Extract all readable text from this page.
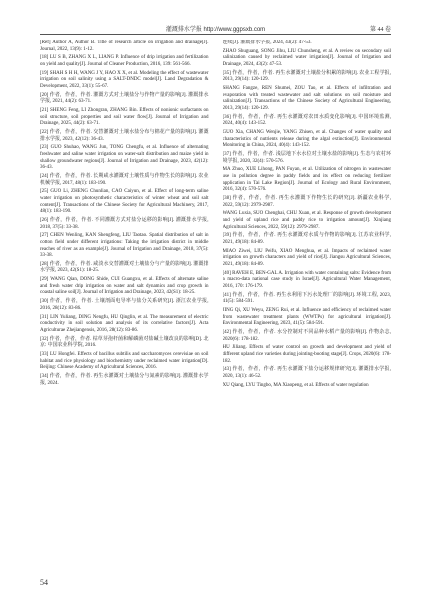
灌溉排水学报 http://www.ggpsxb.com	第 44 卷

[Ref] Author A, Author B. Title of research article on irrigation and drainage[J]. Journal, 2022, 13(9): 1-12.

[18] LU S B, ZHANG X L, LIANG P. Influence of drip irrigation and fertilization on yield and quality[J]. Journal of Cleaner Production, 2016, 139: 561-566.

[19] SHAH S H H, WANG J Y, HAO X X, et al. Modeling the effect of wastewater irrigation on soil salinity using a SALT-DNDC model[J]. Land Degradation & Development, 2022, 33(1): 55-67.

[20] 作者，作者，作者. 灌溉方式对土壤盐分与作物产量的影响[J]. 灌溉排水学报, 2021, 44(2): 63-71.

[21] SHENG Feng, LI Zhongran, ZHANG Bin. Effects of nonionic surfactants on soil structure, soil properties and soil water flow[J]. Journal of Irrigation and Drainage, 2025, 44(2): 63-71.

[22] 作者，作者，作者. 交替灌溉对土壤水盐分布与棉花产量的影响[J]. 灌溉排水学报, 2023, 42(12): 36-43.

[23] GUO Shuhao, WANG Jun, TONG Chengfu, et al. Influence of alternating freshwater and saline water irrigation on water-salt distribution and maize yield in shallow groundwater regions[J]. Journal of Irrigation and Drainage, 2023, 42(12): 36-43.

[24] 作者，作者，作者. 长期咸水灌溉对土壤性质与作物生长的影响[J]. 农业机械学报, 2017, 48(1): 183-190.

[25] GUO Li, ZHENG Chunlian, CAO Caiyun, et al. Effect of long-term saline water irrigation on photosynthetic characteristics of winter wheat and soil salt content[J]. Transactions of the Chinese Society for Agricultural Machinery, 2017, 48(1): 183-190.

[26] 作者，作者，作者. 不同灌溉方式对盐分运移的影响[J]. 灌溉排水学报, 2018, 37(5): 33-38.

[27] CHEN Wenling, KAN Shengfeng, LIU Taotao. Spatial distribution of salt in cotton field under different irrigations: Taking the irrigation district in middle reaches of river as an example[J]. Journal of Irrigation and Drainage, 2018, 37(5): 33-38.

[28] 作者，作者，作者. 咸淡水交替灌溉对土壤盐分与产量的影响[J]. 灌溉排水学报, 2023, 42(S1): 18-25.

[29] WANG Qian, DONG Shide, CUI Guangxu, et al. Effects of alternate saline and fresh water drip irrigation on water and salt dynamics and crop growth in coastal saline soil[J]. Journal of Irrigation and Drainage, 2023, 42(S1): 18-25.

[30] 作者，作者，作者. 土壤剖面电导率与盐分关系研究[J]. 浙江农业学报, 2016, 28(12): 83-86.

[31] LIN Yuliang, DING Nengfu, HU Qinglin, et al. The measurement of electric conductivity in soil solution and analysis of its correlative factors[J]. Acta Agriculturae Zhejiangensis, 2016, 28(12): 83-86.

[32] 作者，作者，作者. 枯草芽孢杆菌和解磷菌对盐碱土壤改良的影响[D]. 北京: 中国农业科学院, 2016.

[33] LU Hongfei. Effects of bacillus subtilis and saccharomyces cerevisiae on soil habitat and rice physiology and biochemistry under reclaimed water irrigation[D]. Beijing: Chinese Academy of Agricultural Sciences, 2016.

[34] 作者，作者，作者. 再生水灌溉对土壤盐分与氮素的影响[J]. 灌溉排水学报, 2024.

连续[J]. 灌溉排水学报, 2024, 43(2): 47-53.

ZHAO Shuguang, SONG Jihu, LIU Chunsheng, et al. A review on secondary soil salinization caused by reclaimed water irrigation[J]. Journal of Irrigation and Drainage, 2024, 43(2): 47-53.

[35] 作者，作者，作者. 再生水灌溉对土壤盐分积累的影响[J]. 农业工程学报, 2013, 29(14): 120-129.

SHANG Fangze, REN Shumei, ZOU Tao, et al. Effects of infiltration and evaporation with treated wastewater and salt solutions on soil moisture and salinization[J]. Transactions of the Chinese Society of Agricultural Engineering, 2013, 29(14): 120-129.

[36] 作者，作者，作者. 再生水灌溉对农田水质变化影响[J]. 中国环境监测, 2024, 40(4): 143-152.

GUO Xia, CHANG Wenjie, YANG Zhisen, et al. Changes of water quality and characteristics of nutrients release during the algal extinction[J]. Environmental Monitoring in China, 2024, 40(4): 143-152.

[37] 作者，作者，作者. 浅层地下水水位对土壤水盐的影响[J]. 生态与农村环境学报, 2020, 32(4): 570-576.

MA Zhuo, XUE Lihong, PAN Fuyan, et al. Utilization of nitrogen in wastewater use in pollution degree in paddy fields and its effect on reducing fertilizer application in Tai Lake Region[J]. Journal of Ecology and Rural Environment, 2016, 32(4): 570-576.

[38] 作者，作者，作者. 再生水灌溉下作物生长的研究[J]. 新疆农业科学, 2022, 59(12): 2979-2987.

WANG Luxia, SUO Chenghai, CHU Xuan, et al. Response of growth development and yield of upland rice and paddy rice to irrigation amount[J]. Xinjiang Agricultural Sciences, 2022, 59(12): 2979-2987.

[39] 作者，作者，作者. 再生水灌溉对水质与作物的影响[J]. 江苏农业科学, 2021, 49(18): 84-89.

MIAO Ziwei, LIU Peifu, XIAO Menghua, et al. Impacts of reclaimed water irrigation on growth characters and yield of rice[J]. Jiangsu Agricultural Sciences, 2021, 49(18): 84-89.

[40] RAVEH E, BEN-GAL A. Irrigation with water containing salts: Evidence from a macro-data national case study in Israel[J]. Agricultural Water Management, 2016, 170: 176-179.

[41] 作者，作者，作者. 再生水利用下污水处理厂的影响[J]. 环境工程, 2023, 41(5): 584-591.

JING Qi, XU Weyu, ZENG Rui, et al. Influence and efficiency of reclaimed water from wastewater treatment plants (WWTPs) for agricultural irrigation[J]. Environmental Engineering, 2023, 41(5): 584-591.

[42] 作者，作者，作者. 水分控制对不同品种水稻产量的影响[J]. 作物杂志, 2020(6): 178-182.

HU Jiliang. Effects of water control on growth and development and yield of different upland rice varieties during jointing-booting stage[J]. Crops, 2020(6): 178-182.

[43] 作者，作者，作者. 再生水灌溉下盐分运移规律研究[J]. 灌溉排水学报, 2020, 13(1): 46-52.

XU Qiang, LYU Tingbo, MA Xiaopeng, et al. Effects of water regulation

54
